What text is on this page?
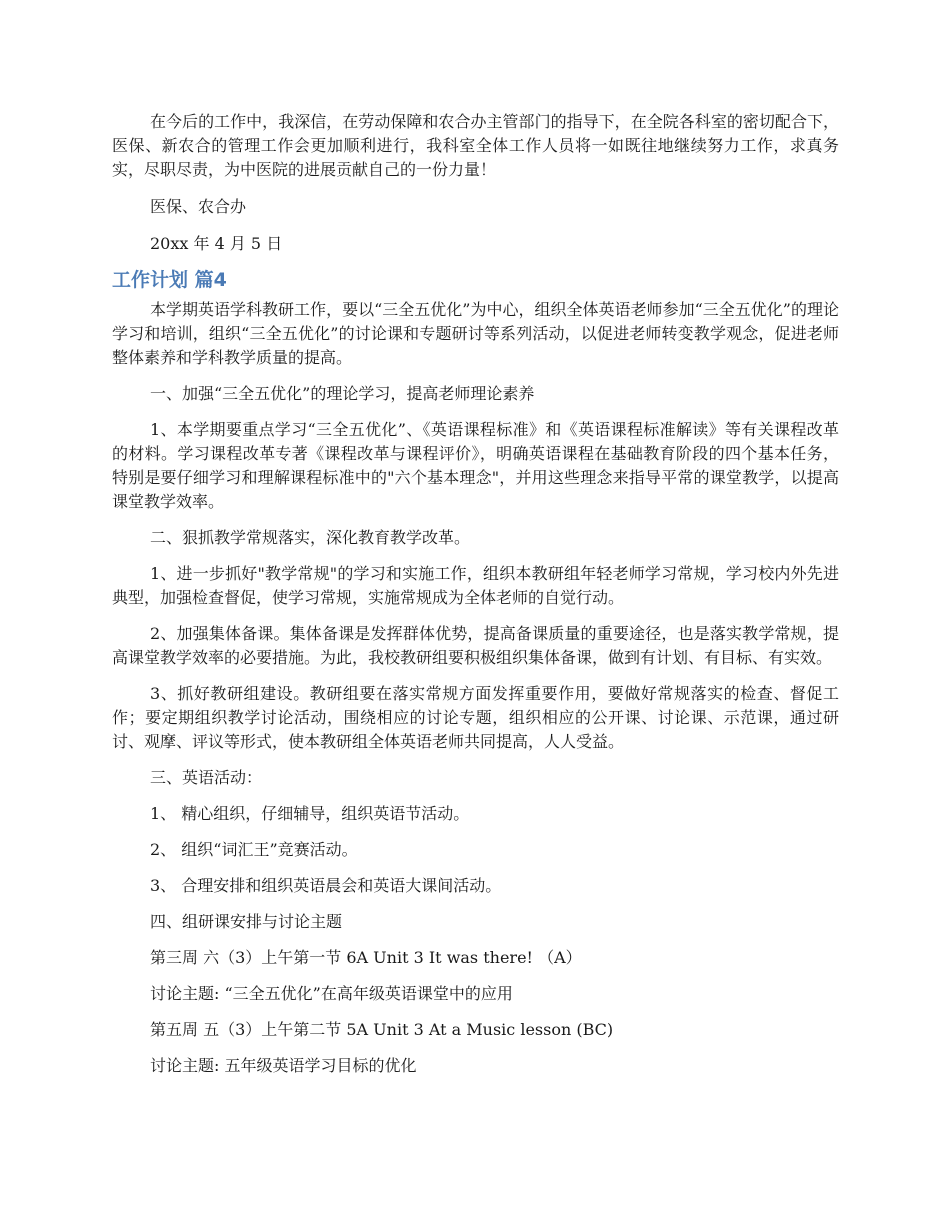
在今后的工作中，我深信，在劳动保障和农合办主管部门的指导下，在全院各科室的密切配合下，医保、新农合的管理工作会更加顺利进行，我科室全体工作人员将一如既往地继续努力工作，求真务实，尽职尽责，为中医院的进展贡献自己的一份力量！

医保、农合办

20xx 年 4 月 5 日

工作计划 篇4

本学期英语学科教研工作，要以“三全五优化”为中心，组织全体英语老师参加“三全五优化”的理论学习和培训，组织“三全五优化”的讨论课和专题研讨等系列活动，以促进老师转变教学观念，促进老师整体素养和学科教学质量的提高。

一、加强“三全五优化”的理论学习，提高老师理论素养

1、本学期要重点学习“三全五优化”、《英语课程标准》和《英语课程标准解读》等有关课程改革的材料。学习课程改革专著《课程改革与课程评价》，明确英语课程在基础教育阶段的四个基本任务，特别是要仔细学习和理解课程标准中的"六个基本理念"，并用这些理念来指导平常的课堂教学，以提高课堂教学效率。

二、狠抓教学常规落实，深化教育教学改革。

1、进一步抓好"教学常规"的学习和实施工作，组织本教研组年轻老师学习常规，学习校内外先进典型，加强检查督促，使学习常规，实施常规成为全体老师的自觉行动。

2、加强集体备课。集体备课是发挥群体优势，提高备课质量的重要途径，也是落实教学常规，提高课堂教学效率的必要措施。为此，我校教研组要积极组织集体备课，做到有计划、有目标、有实效。

3、抓好教研组建设。教研组要在落实常规方面发挥重要作用，要做好常规落实的检查、督促工作；要定期组织教学讨论活动，围绕相应的讨论专题，组织相应的公开课、讨论课、示范课，通过研讨、观摩、评议等形式，使本教研组全体英语老师共同提高，人人受益。

三、英语活动：

1、 精心组织，仔细辅导，组织英语节活动。

2、 组织“词汇王”竞赛活动。

3、 合理安排和组织英语晨会和英语大课间活动。

四、组研课安排与讨论主题

第三周 六（3）上午第一节 6A Unit 3 It was there! （A）

讨论主题: “三全五优化”在高年级英语课堂中的应用

第五周 五（3）上午第二节 5A Unit 3 At a Music lesson (BC)

讨论主题: 五年级英语学习目标的优化
